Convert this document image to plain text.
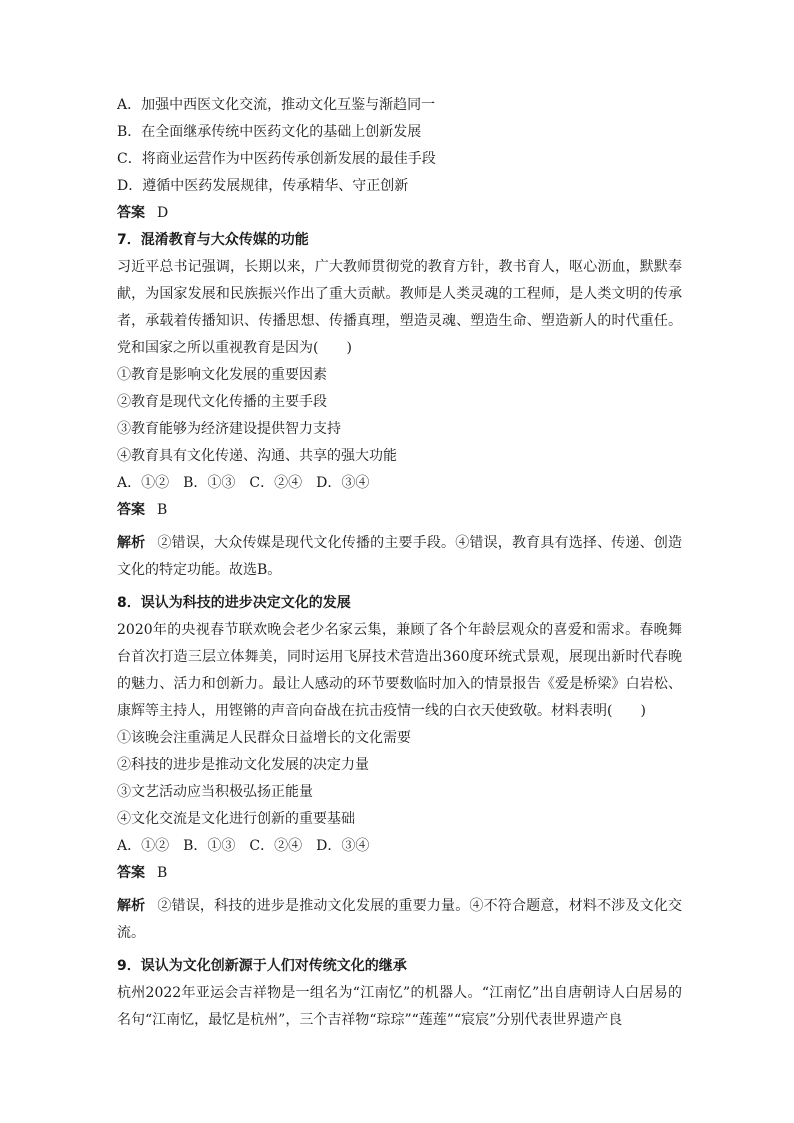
A．加强中西医文化交流，推动文化互鉴与渐趋同一
B．在全面继承传统中医药文化的基础上创新发展
C．将商业运营作为中医药传承创新发展的最佳手段
D．遵循中医药发展规律，传承精华、守正创新
答案 D
7．混淆教育与大众传媒的功能
习近平总书记强调，长期以来，广大教师贯彻党的教育方针，教书育人，呕心沥血，默默奉献，为国家发展和民族振兴作出了重大贡献。教师是人类灵魂的工程师，是人类文明的传承者，承载着传播知识、传播思想、传播真理，塑造灵魂、塑造生命、塑造新人的时代重任。党和国家之所以重视教育是因为(　　)
①教育是影响文化发展的重要因素
②教育是现代文化传播的主要手段
③教育能够为经济建设提供智力支持
④教育具有文化传递、沟通、共享的强大功能
A．①②　B．①③　C．②④　D．③④
答案 B
解析 ②错误，大众传媒是现代文化传播的主要手段。④错误，教育具有选择、传递、创造文化的特定功能。故选B。
8．误认为科技的进步决定文化的发展
2020年的央视春节联欢晚会老少名家云集，兼顾了各个年龄层观众的喜爱和需求。春晚舞台首次打造三层立体舞美，同时运用飞屏技术营造出360度环统式景观，展现出新时代春晚的魅力、活力和创新力。最让人感动的环节要数临时加入的情景报告《爱是桥梁》白岩松、康辉等主持人，用铿锵的声音向奋战在抗击疫情一线的白衣天使致敬。材料表明(　　)
①该晚会注重满足人民群众日益增长的文化需要
②科技的进步是推动文化发展的决定力量
③文艺活动应当积极弘扬正能量
④文化交流是文化进行创新的重要基础
A．①②　B．①③　C．②④　D．③④
答案 B
解析 ②错误，科技的进步是推动文化发展的重要力量。④不符合题意，材料不涉及文化交流。
9．误认为文化创新源于人们对传统文化的继承
杭州2022年亚运会吉祥物是一组名为“江南忆”的机器人。“江南忆”出自唐朝诗人白居易的名句“江南忆，最忆是杭州”，三个吉祥物“琮琮”“莲莲”“宸宸”分别代表世界遗产良
